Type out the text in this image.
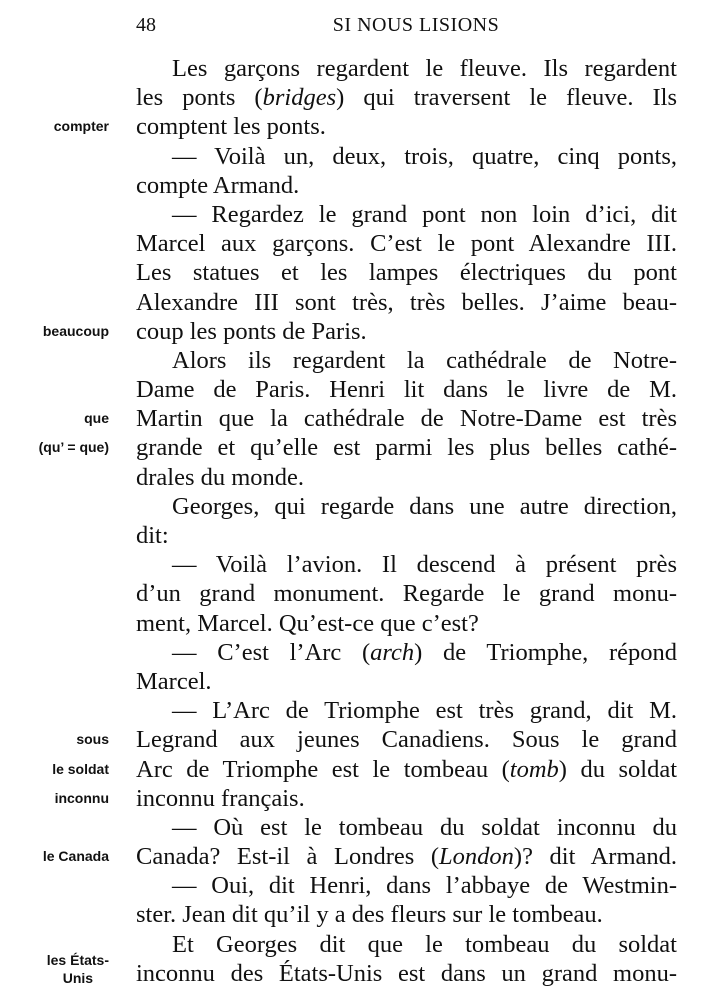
48	SI NOUS LISIONS
Les garçons regardent le fleuve. Ils regardent
les ponts (bridges) qui traversent le fleuve. Ils
comptent les ponts.
compter
— Voilà un, deux, trois, quatre, cinq ponts,
compte Armand.
— Regardez le grand pont non loin d’ici, dit
Marcel aux garçons. C’est le pont Alexandre III.
Les statues et les lampes électriques du pont
Alexandre III sont très, très belles. J’aime beau-
coup les ponts de Paris.
beaucoup
Alors ils regardent la cathédrale de Notre-
Dame de Paris. Henri lit dans le livre de M.
Martin que la cathédrale de Notre-Dame est très
que
grande et qu’elle est parmi les plus belles cathé-
(qu’ = que)
drales du monde.
Georges, qui regarde dans une autre direction,
dit:
— Voilà l’avion. Il descend à présent près
d’un grand monument. Regarde le grand monu-
ment, Marcel. Qu’est-ce que c’est?
— C’est l’Arc (arch) de Triomphe, répond
Marcel.
— L’Arc de Triomphe est très grand, dit M.
Legrand aux jeunes Canadiens. Sous le grand
sous
Arc de Triomphe est le tombeau (tomb) du soldat
le soldat
inconnu français.
inconnu
— Où est le tombeau du soldat inconnu du
Canada? Est-il à Londres (London)? dit Armand.
le Canada
— Oui, dit Henri, dans l’abbaye de Westmin-
ster. Jean dit qu’il y a des fleurs sur le tombeau.
Et Georges dit que le tombeau du soldat
inconnu des États-Unis est dans un grand monu-
les États-
Unis
